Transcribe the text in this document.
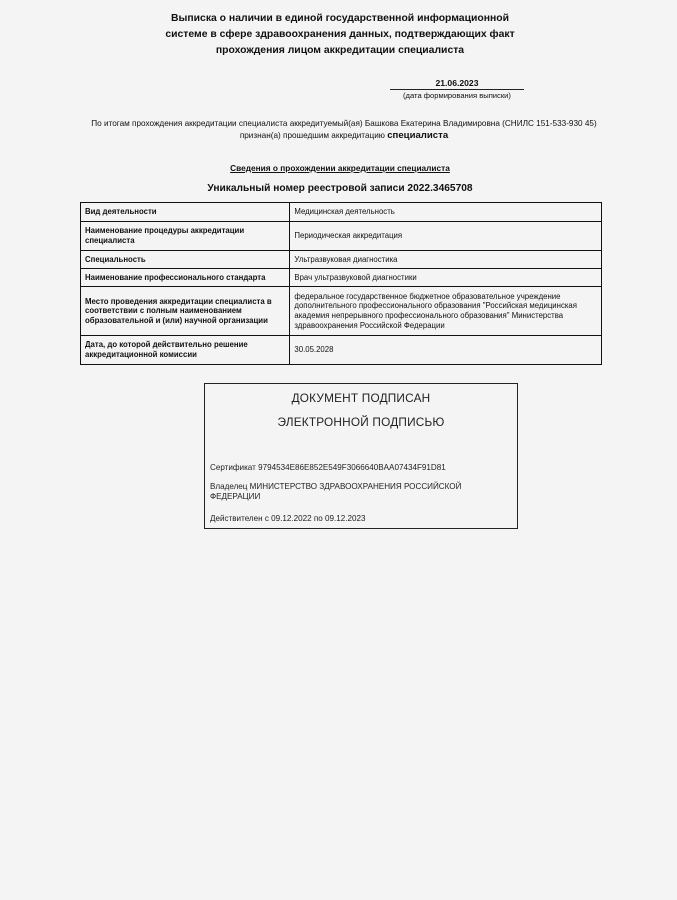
Выписка о наличии в единой государственной информационной
системе в сфере здравоохранения данных, подтверждающих факт
прохождения лицом аккредитации специалиста
21.06.2023
(дата формирования выписки)
По итогам прохождения аккредитации специалиста аккредитуемый(ая) Башкова Екатерина Владимировна (СНИЛС 151-533-930 45) признан(а) прошедшим аккредитацию специалиста
Сведения о прохождении аккредитации специалиста
Уникальный номер реестровой записи 2022.3465708
Вид деятельности	Медицинская деятельность
Наименование процедуры аккредитации специалиста	Периодическая аккредитация
Специальность	Ультразвуковая диагностика
Наименование профессионального стандарта	Врач ультразвуковой диагностики
Место проведения аккредитации специалиста в соответствии с полным наименованием образовательной и (или) научной организации	федеральное государственное бюджетное образовательное учреждение дополнительного профессионального образования "Российская медицинская академия непрерывного профессионального образования" Министерства здравоохранения Российской Федерации
Дата, до которой действительно решение аккредитационной комиссии	30.05.2028
ДОКУМЕНТ ПОДПИСАН
ЭЛЕКТРОННОЙ ПОДПИСЬЮ
Сертификат 9794534E86E852E549F3066640BAA07434F91D81
Владелец МИНИСТЕРСТВО ЗДРАВООХРАНЕНИЯ РОССИЙСКОЙ ФЕДЕРАЦИИ
Действителен с 09.12.2022 по 09.12.2023
